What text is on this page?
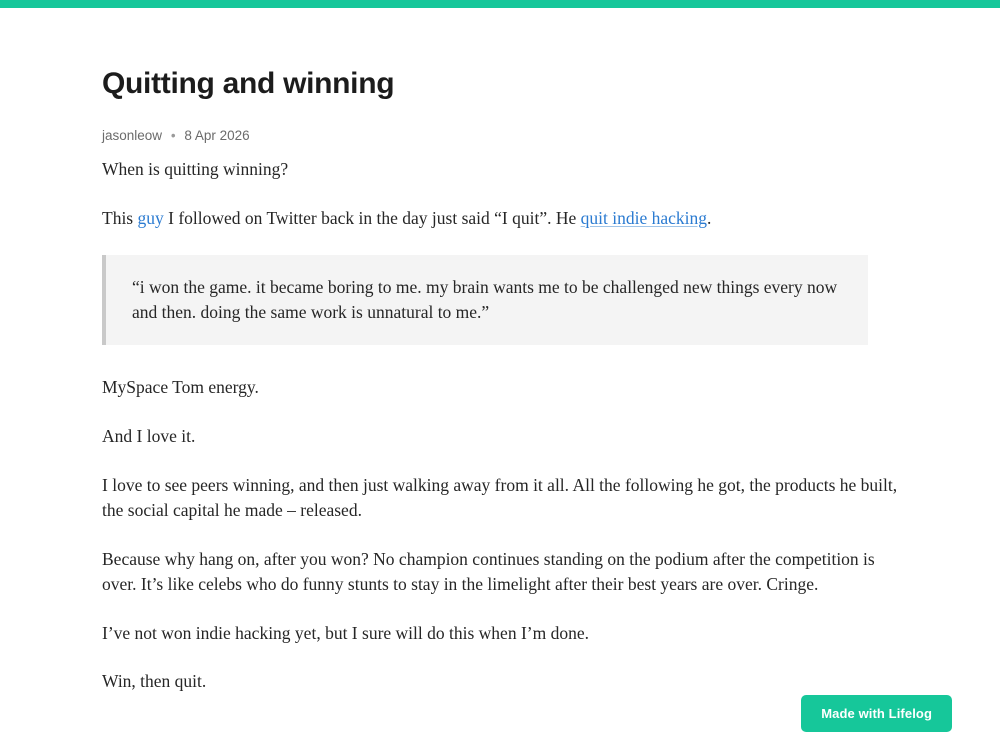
Quitting and winning
jasonleow • 8 Apr 2026

When is quitting winning?

This guy I followed on Twitter back in the day just said “I quit”. He quit indie hacking.

“i won the game. it became boring to me. my brain wants me to be challenged new things every now and then. doing the same work is unnatural to me.”

MySpace Tom energy.

And I love it.

I love to see peers winning, and then just walking away from it all. All the following he got, the products he built, the social capital he made – released.

Because why hang on, after you won? No champion continues standing on the podium after the competition is over. It’s like celebs who do funny stunts to stay in the limelight after their best years are over. Cringe.

I’ve not won indie hacking yet, but I sure will do this when I’m done.

Win, then quit.

Made with Lifelog
